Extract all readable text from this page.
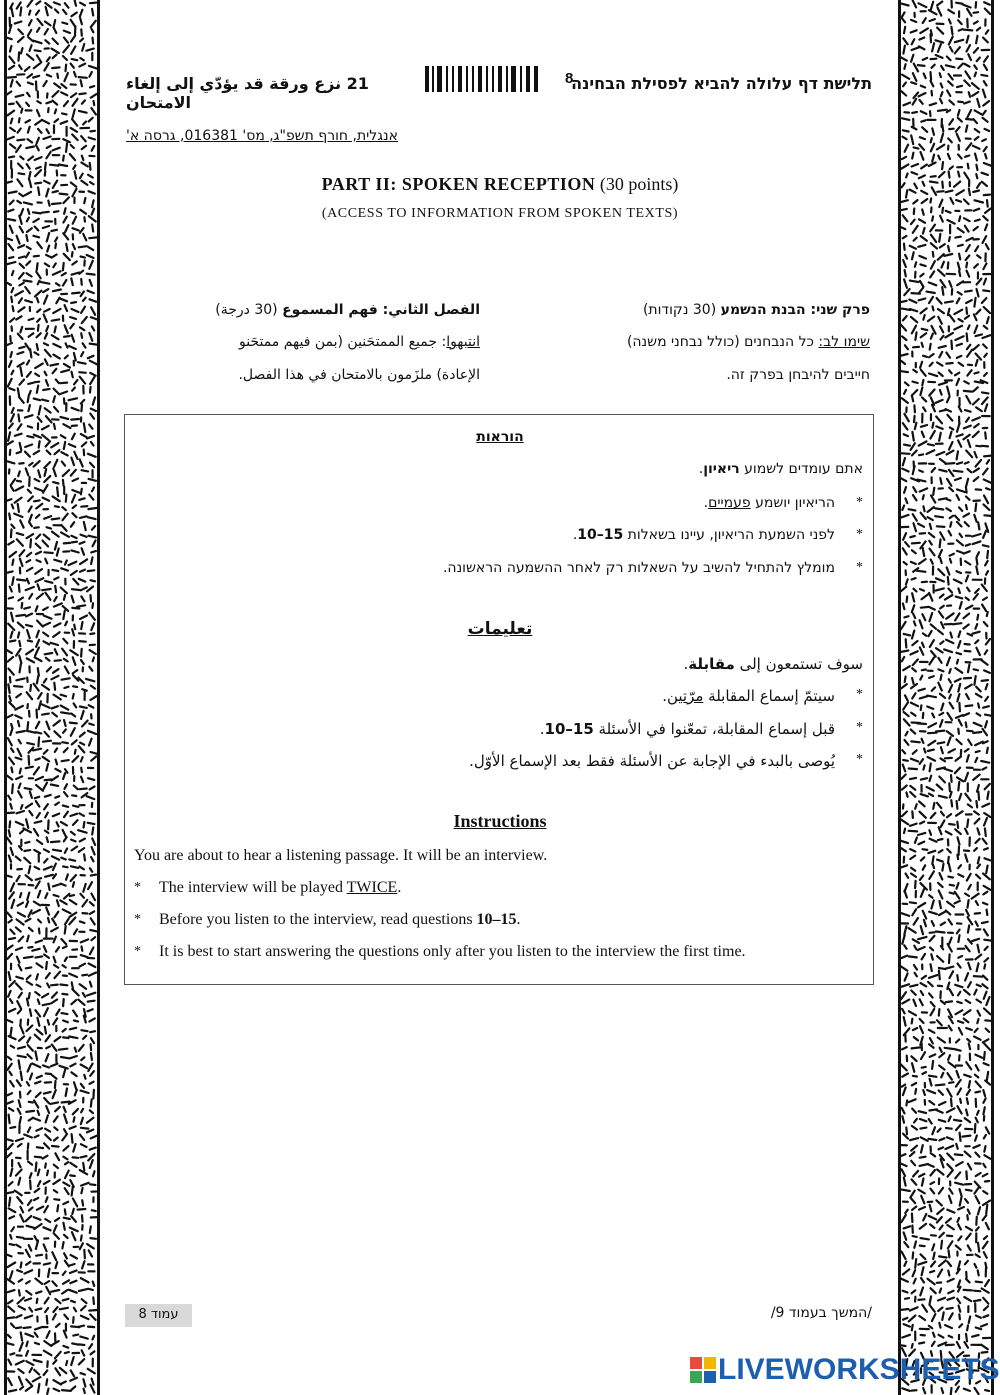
תלישת דף עלולה להביא לפסילת הבחינה
8
21 نزع ورقة قد يؤدّي إلى إلغاء الامتحان
אנגלית, חורף תשפ"ג, מס' 016381, גרסה א'
PART II: SPOKEN RECEPTION (30 points)
(ACCESS TO INFORMATION FROM SPOKEN TEXTS)
פרק שני: הבנת הנשמע (30 נקודות)
שימו לב: כל הנבחנים (כולל נבחני משנה)
חייבים להיבחן בפרק זה.
الفصل الثاني: فهم المسموع (30 درجة)
انتبهوا: جميع الممتحَنين (بمن فيهم ممتحَنو
الإعادة) ملزَمون بالامتحان في هذا الفصل.
הוראות
אתם עומדים לשמוע ריאיון.
*
הריאיון יושמע פעמיים.
*
לפני השמעת הריאיון, עיינו בשאלות 10–15.
*
מומלץ להתחיל להשיב על השאלות רק לאחר ההשמעה הראשונה.
تعليمات
سوف تستمعون إلى مقابلة.
*
سيتمّ إسماع المقابلة مرّتين.
*
قبل إسماع المقابلة، تمعّنوا في الأسئلة 10–15.
*
يُوصى بالبدء في الإجابة عن الأسئلة فقط بعد الإسماع الأوّل.
Instructions
You are about to hear a listening passage. It will be an interview.
* The interview will be played TWICE.
* Before you listen to the interview, read questions 10–15.
* It is best to start answering the questions only after you listen to the interview the first time.
עמוד 8	/המשך בעמוד 9/
LIVEWORKSHEETS
